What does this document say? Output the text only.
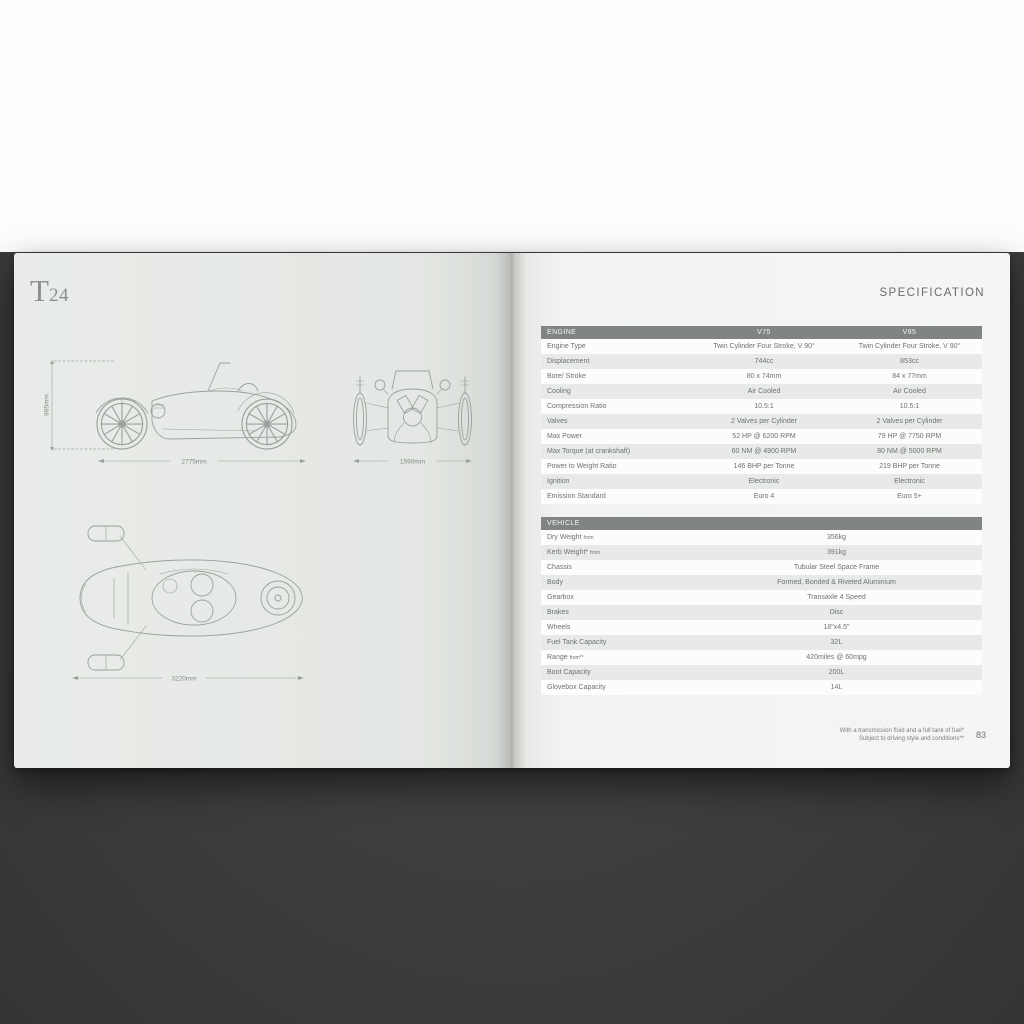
T24
985mm
2775mm	1590mm
3220mm
SPECIFICATION
ENGINE	V75	V85
Engine Type	Twin Cylinder Four Stroke, V 90°	Twin Cylinder Four Stroke, V 90°
Displacement	744cc	853cc
Bore/ Stroke	80 x 74mm	84 x 77mm
Cooling	Air Cooled	Air Cooled
Compression Ratio	10.5:1	10.5:1
Valves	2 Valves per Cylinder	2 Valves per Cylinder
Max Power	52 HP @ 6200 RPM	79 HP @ 7750 RPM
Max Torque (at crankshaft)	60 NM @ 4900 RPM	80 NM @ 5000 RPM
Power to Weight Ratio	146 BHP per Tonne	219 BHP per Tonne
Ignition	Electronic	Electronic
Emission Standard	Euro 4	Euro 5+
VEHICLE
Dry Weight from	356kg
Kerb Weight* from	391kg
Chassis	Tubular Steel Space Frame
Body	Formed, Bonded & Riveted Aluminium
Gearbox	Transaxle 4 Speed
Brakes	Disc
Wheels	18"x4.5"
Fuel Tank Capacity	32L
Range from**	420miles @ 60mpg
Boot Capacity	200L
Glovebox Capacity	14L
With a transmission fluid and a full tank of fuel*
Subject to driving style and conditions** 83
